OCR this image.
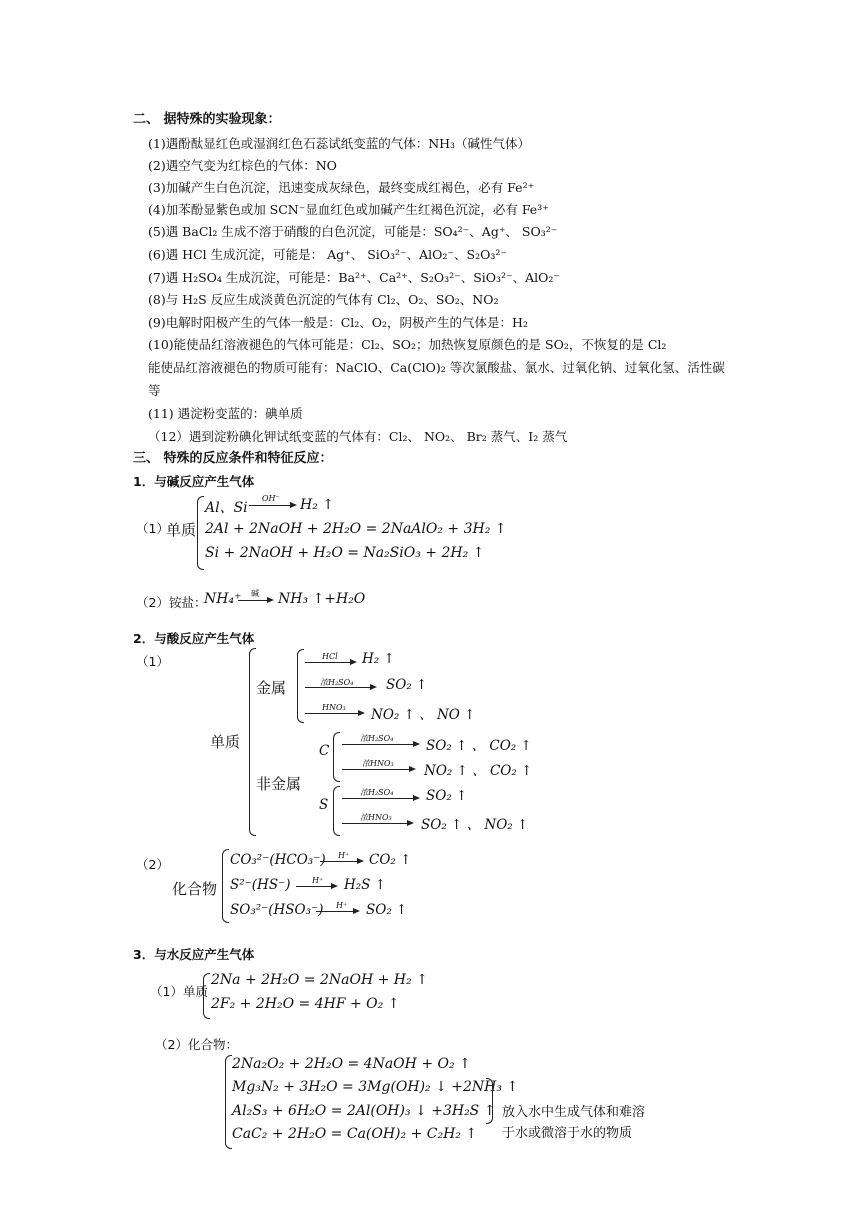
二、 据特殊的实验现象：
(1)遇酚酞显红色或湿润红色石蕊试纸变蓝的气体：NH₃（碱性气体）
(2)遇空气变为红棕色的气体：NO
(3)加碱产生白色沉淀，迅速变成灰绿色，最终变成红褐色，必有 Fe²⁺
(4)加苯酚显紫色或加 SCN⁻显血红色或加碱产生红褐色沉淀，必有 Fe³⁺
(5)遇 BaCl₂ 生成不溶于硝酸的白色沉淀，可能是：SO₄²⁻、Ag⁺、 SO₃²⁻
(6)遇 HCl 生成沉淀，可能是： Ag⁺、 SiO₃²⁻、AlO₂⁻、S₂O₃²⁻
(7)遇 H₂SO₄ 生成沉淀，可能是：Ba²⁺、Ca²⁺、S₂O₃²⁻、SiO₃²⁻、AlO₂⁻
(8)与 H₂S 反应生成淡黄色沉淀的气体有 Cl₂、O₂、SO₂、NO₂
(9)电解时阳极产生的气体一般是：Cl₂、O₂，阴极产生的气体是：H₂
(10)能使品红溶液褪色的气体可能是：Cl₂、SO₂；加热恢复原颜色的是 SO₂，不恢复的是 Cl₂
能使品红溶液褪色的物质可能有：NaClO、Ca(ClO)₂ 等次氯酸盐、氯水、过氧化钠、过氧化氢、活性碳
等
(11) 遇淀粉变蓝的：碘单质
（12）遇到淀粉碘化钾试纸变蓝的气体有：Cl₂、 NO₂、 Br₂ 蒸气、I₂ 蒸气
三、 特殊的反应条件和特征反应：
1．与碱反应产生气体
（1）
单质
Al、Si
OH⁻ → H₂ ↑
2Al + 2NaOH + 2H₂O = 2NaAlO₂ + 3H₂ ↑
Si + 2NaOH + H₂O = Na₂SiO₃ + 2H₂ ↑
（2）铵盐：
NH₄⁺ 碱 → NH₃ ↑+H₂O
2．与酸反应产生气体
（1）
单质
金属
非金属
HCl → H₂ ↑
浓H₂SO₄ SO₂ ↑
HNO₃ NO₂ ↑ 、 NO ↑
C
浓H₂SO₄ SO₂ ↑ 、 CO₂ ↑
浓HNO₃ NO₂ ↑ 、 CO₂ ↑
S
浓H₂SO₄ SO₂ ↑
浓HNO₃ SO₂ ↑ 、 NO₂ ↑
（2）
化合物
CO₃²⁻(HCO₃⁻) H⁺ → CO₂ ↑
S²⁻(HS⁻)	H⁺ → H₂S ↑
SO₃²⁻(HSO₃⁻) H⁺ → SO₂ ↑
3．与水反应产生气体
（1）单质
2Na + 2H₂O = 2NaOH + H₂ ↑
2F₂ + 2H₂O = 4HF + O₂ ↑
（2）化合物：
2Na₂O₂ + 2H₂O = 4NaOH + O₂ ↑
Mg₃N₂ + 3H₂O = 3Mg(OH)₂ ↓ +2NH₃ ↑
Al₂S₃ + 6H₂O = 2Al(OH)₃ ↓ +3H₂S ↑
CaC₂ + 2H₂O = Ca(OH)₂ + C₂H₂ ↑
放入水中生成气体和难溶
于水或微溶于水的物质
